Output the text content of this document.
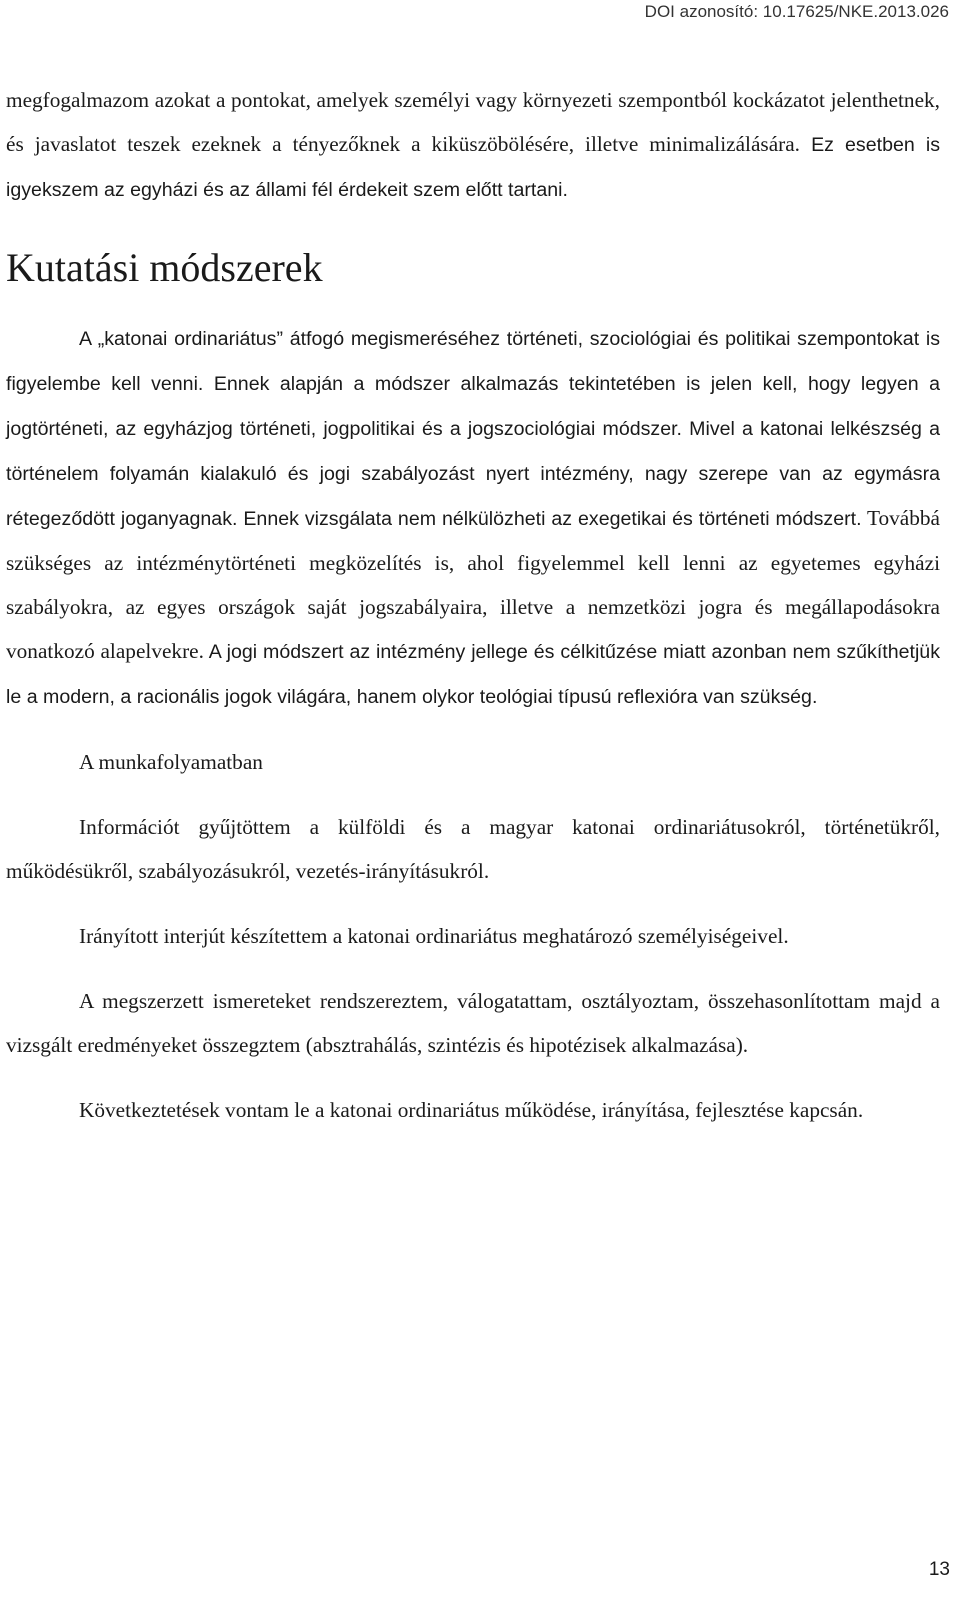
DOI azonosító: 10.17625/NKE.2013.026

megfogalmazom azokat a pontokat, amelyek személyi vagy környezeti szempontból kockázatot jelenthetnek, és javaslatot teszek ezeknek a tényezőknek a kiküszöbölésére, illetve minimalizálására. Ez esetben is igyekszem az egyházi és az állami fél érdekeit szem előtt tartani.

Kutatási módszerek

A „katonai ordinariátus” átfogó megismeréséhez történeti, szociológiai és politikai szempontokat is figyelembe kell venni. Ennek alapján a módszer alkalmazás tekintetében is jelen kell, hogy legyen a jogtörténeti, az egyházjog történeti, jogpolitikai és a jogszociológiai módszer. Mivel a katonai lelkészség a történelem folyamán kialakuló és jogi szabályozást nyert intézmény, nagy szerepe van az egymásra rétegeződött joganyagnak. Ennek vizsgálata nem nélkülözheti az exegetikai és történeti módszert. Továbbá szükséges az intézménytörténeti megközelítés is, ahol figyelemmel kell lenni az egyetemes egyházi szabályokra, az egyes országok saját jogszabályaira, illetve a nemzetközi jogra és megállapodásokra vonatkozó alapelvekre. A jogi módszert az intézmény jellege és célkitűzése miatt azonban nem szűkíthetjük le a modern, a racionális jogok világára, hanem olykor teológiai típusú reflexióra van szükség.

A munkafolyamatban

Információt gyűjtöttem a külföldi és a magyar katonai ordinariátusokról, történetükről, működésükről, szabályozásukról, vezetés-irányításukról.

Irányított interjút készítettem a katonai ordinariátus meghatározó személyiségeivel.

A megszerzett ismereteket rendszereztem, válogatattam, osztályoztam, összehasonlítottam majd a vizsgált eredményeket összegztem (absztrahálás, szintézis és hipotézisek alkalmazása).

Következtetések vontam le a katonai ordinariátus működése, irányítása, fejlesztése kapcsán.

13
